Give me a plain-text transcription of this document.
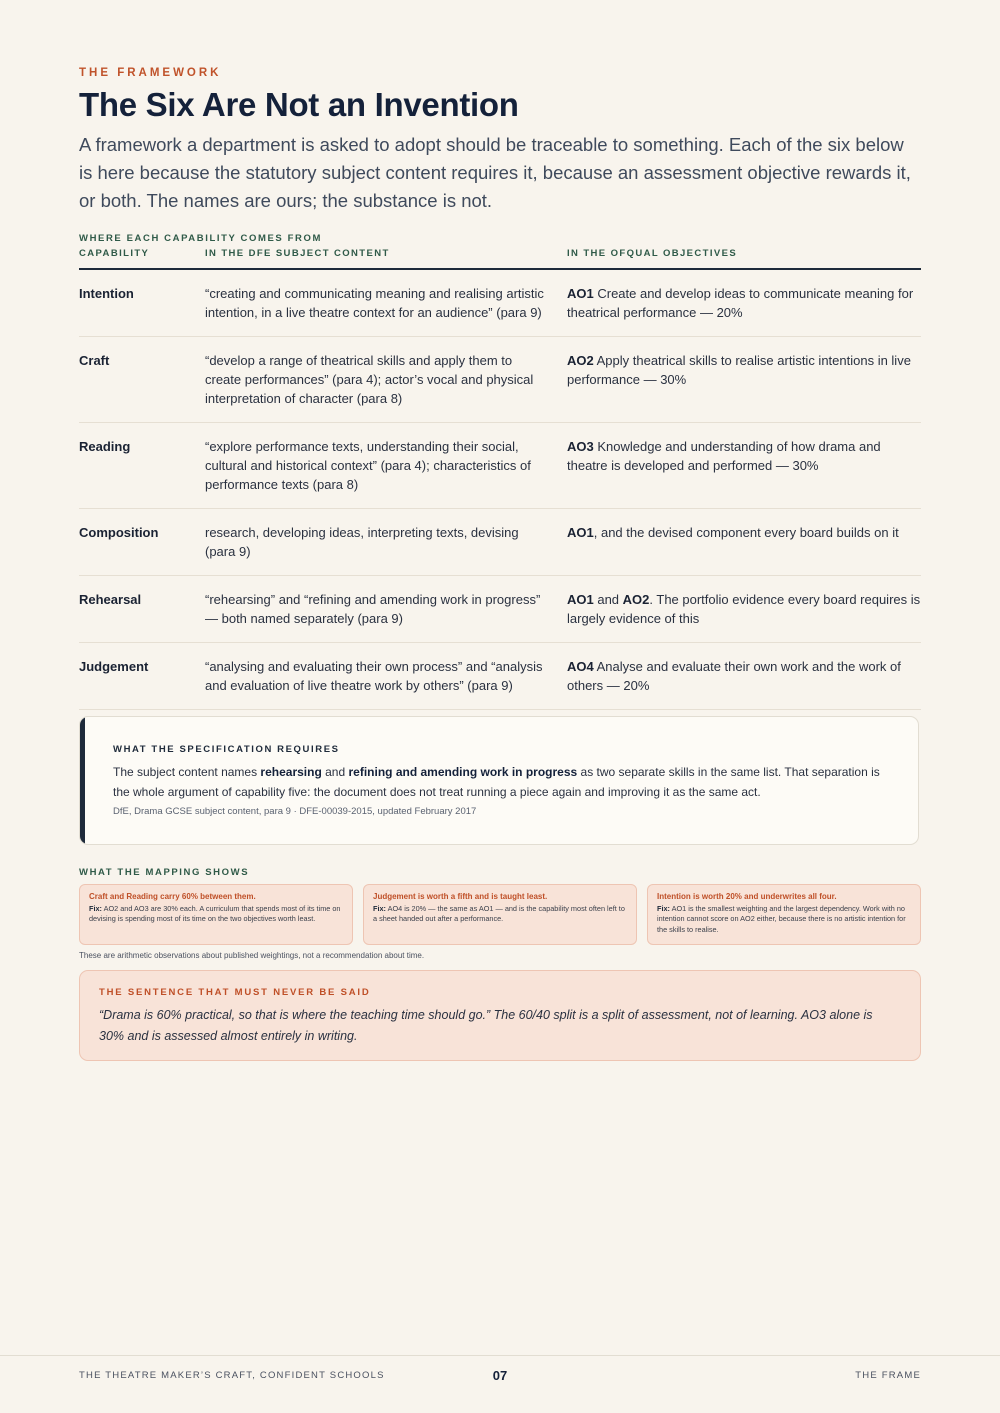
THE FRAMEWORK
The Six Are Not an Invention

A framework a department is asked to adopt should be traceable to something. Each of the six below is here because the statutory subject content requires it, because an assessment objective rewards it, or both. The names are ours; the substance is not.

WHERE EACH CAPABILITY COMES FROM
CAPABILITY	IN THE DFE SUBJECT CONTENT	IN THE OFQUAL OBJECTIVES
Intention	“creating and communicating meaning and realising artistic intention, in a live theatre context for an audience” (para 9)	AO1 Create and develop ideas to communicate meaning for theatrical performance — 20%
Craft	“develop a range of theatrical skills and apply them to create performances” (para 4); actor’s vocal and physical interpretation of character (para 8)	AO2 Apply theatrical skills to realise artistic intentions in live performance — 30%
Reading	“explore performance texts, understanding their social, cultural and historical context” (para 4); characteristics of performance texts (para 8)	AO3 Knowledge and understanding of how drama and theatre is developed and performed — 30%
Composition	research, developing ideas, interpreting texts, devising (para 9)	AO1, and the devised component every board builds on it
Rehearsal	“rehearsing” and “refining and amending work in progress” — both named separately (para 9)	AO1 and AO2. The portfolio evidence every board requires is largely evidence of this
Judgement	“analysing and evaluating their own process” and “analysis and evaluation of live theatre work by others” (para 9)	AO4 Analyse and evaluate their own work and the work of others — 20%
WHAT THE SPECIFICATION REQUIRES

The subject content names rehearsing and refining and amending work in progress as two separate skills in the same list. That separation is the whole argument of capability five: the document does not treat running a piece again and improving it as the same act.

DfE, Drama GCSE subject content, para 9 · DFE-00039-2015, updated February 2017
WHAT THE MAPPING SHOWS

Craft and Reading carry 60% between them.

Fix: AO2 and AO3 are 30% each. A curriculum that spends most of its time on devising is spending most of its time on the two objectives worth least.

Judgement is worth a fifth and is taught least.

Fix: AO4 is 20% — the same as AO1 — and is the capability most often left to a sheet handed out after a performance.

Intention is worth 20% and underwrites all four.

Fix: AO1 is the smallest weighting and the largest dependency. Work with no intention cannot score on AO2 either, because there is no artistic intention for the skills to realise.

These are arithmetic observations about published weightings, not a recommendation about time.
THE SENTENCE THAT MUST NEVER BE SAID

“Drama is 60% practical, so that is where the teaching time should go.” The 60/40 split is a split of assessment, not of learning. AO3 alone is 30% and is assessed almost entirely in writing.

THE THEATRE MAKER’S CRAFT, CONFIDENT SCHOOLS	07	THE FRAME
